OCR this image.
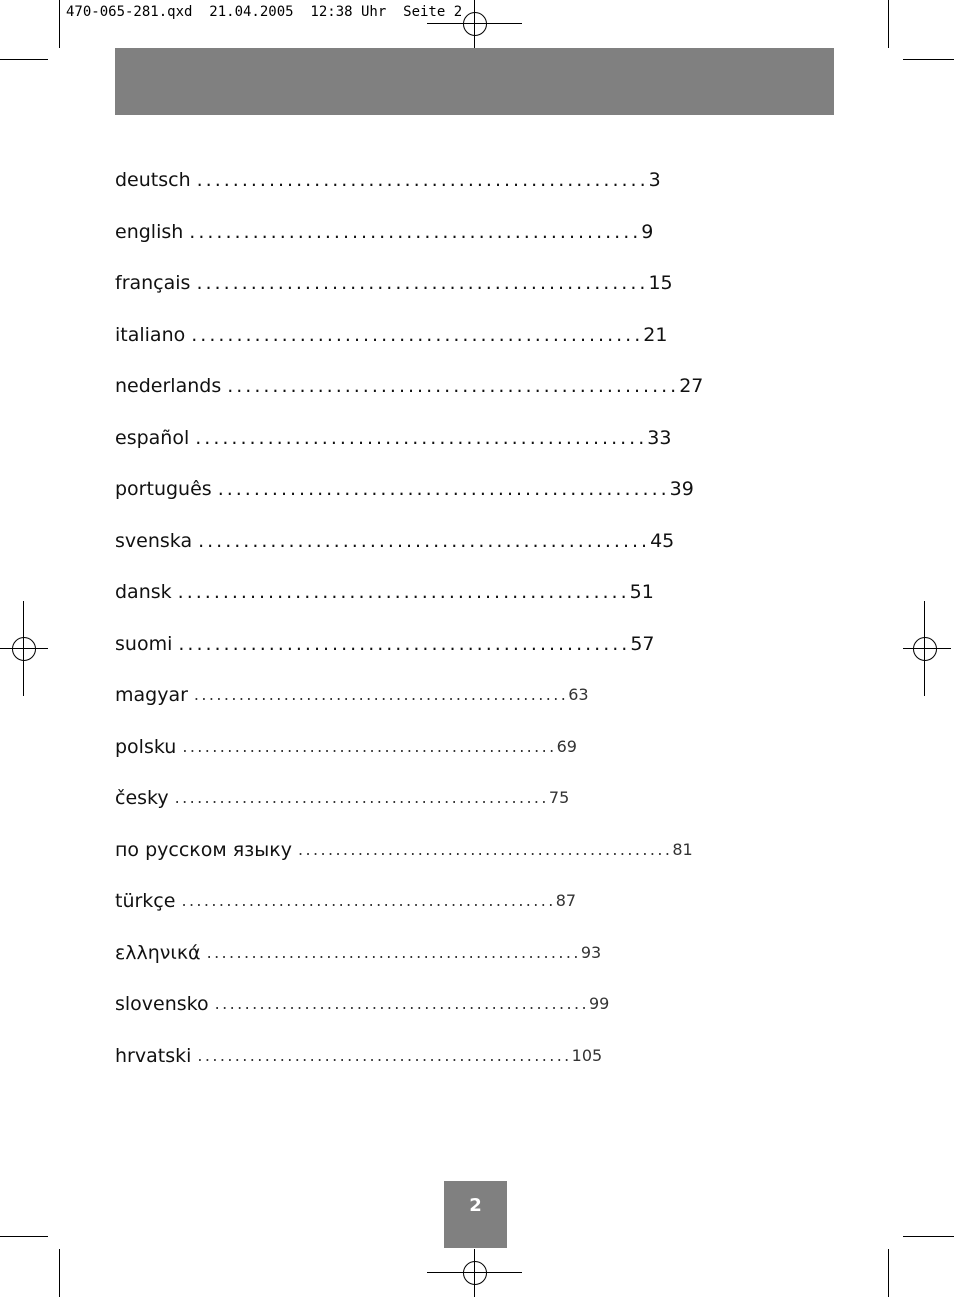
470-065-281.qxd  21.04.2005  12:38 Uhr  Seite 2
deutsch .................................................. 3
english .................................................. 9
français .................................................. 15
italiano .................................................. 21
nederlands .................................................. 27
español .................................................. 33
português .................................................. 39
svenska .................................................. 45
dansk .................................................. 51
suomi .................................................. 57
magyar .................................................. 63
polsku .................................................. 69
česky .................................................. 75
по русском языку .................................................. 81
türkçe .................................................. 87
ελληνικά .................................................. 93
slovensko .................................................. 99
hrvatski .................................................. 105
2
